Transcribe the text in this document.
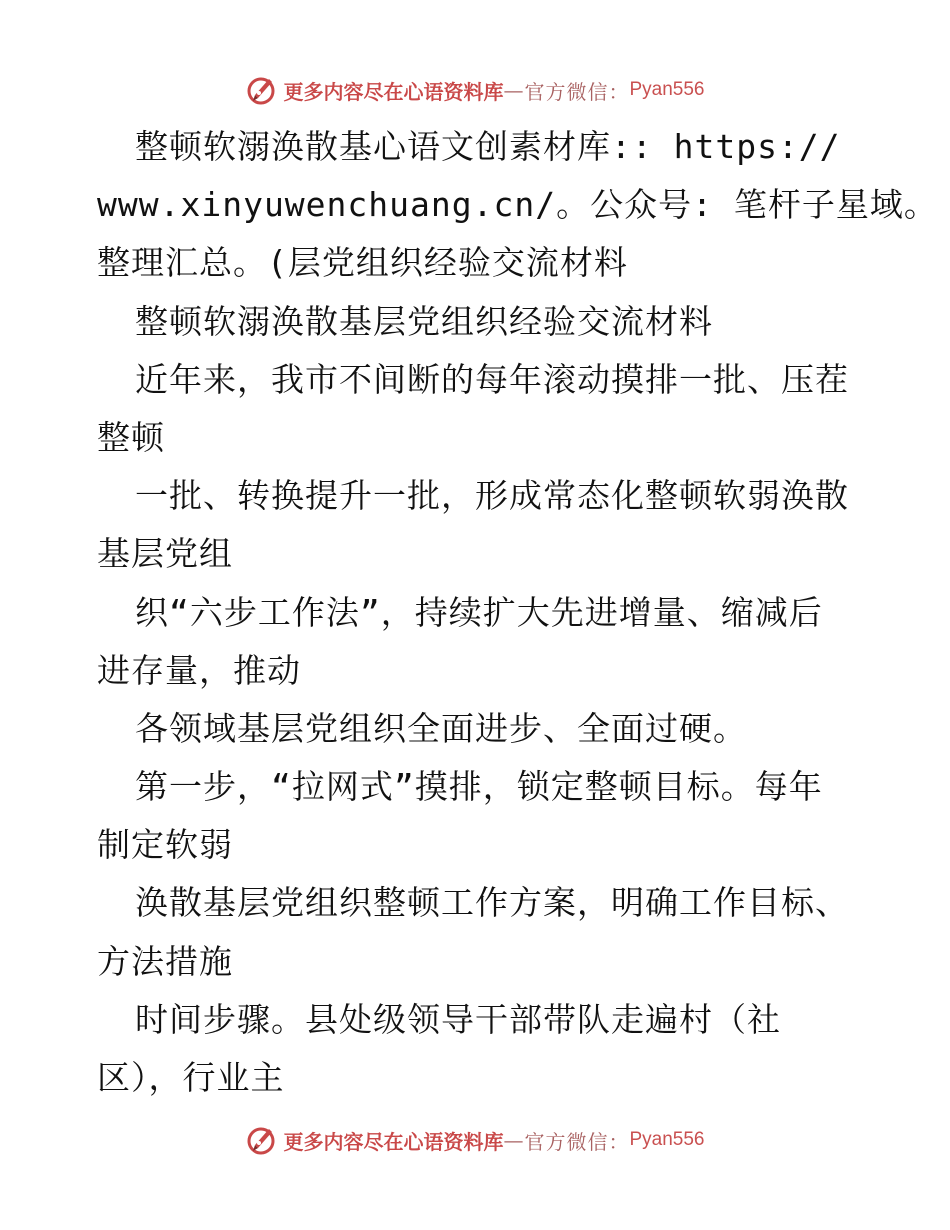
更多内容尽在心语资料库 — 官方微信： Pyan556
整顿软溺涣散基心语文创素材库:: https://
www.xinyuwenchuang.cn/。公众号: 笔杆子星域。
整理汇总。(层党组织经验交流材料
整顿软溺涣散基层党组织经验交流材料
近年来，我市不间断的每年滚动摸排一批、压茬
整顿
一批、转换提升一批，形成常态化整顿软弱涣散
基层党组
织“六步工作法”，持续扩大先进增量、缩减后
进存量，推动
各领域基层党组织全面进步、全面过硬。
第一步，“拉网式”摸排，锁定整顿目标。每年
制定软弱
涣散基层党组织整顿工作方案，明确工作目标、
方法措施
时间步骤。县处级领导干部带队走遍村（社
区），行业主
更多内容尽在心语资料库 — 官方微信： Pyan556
